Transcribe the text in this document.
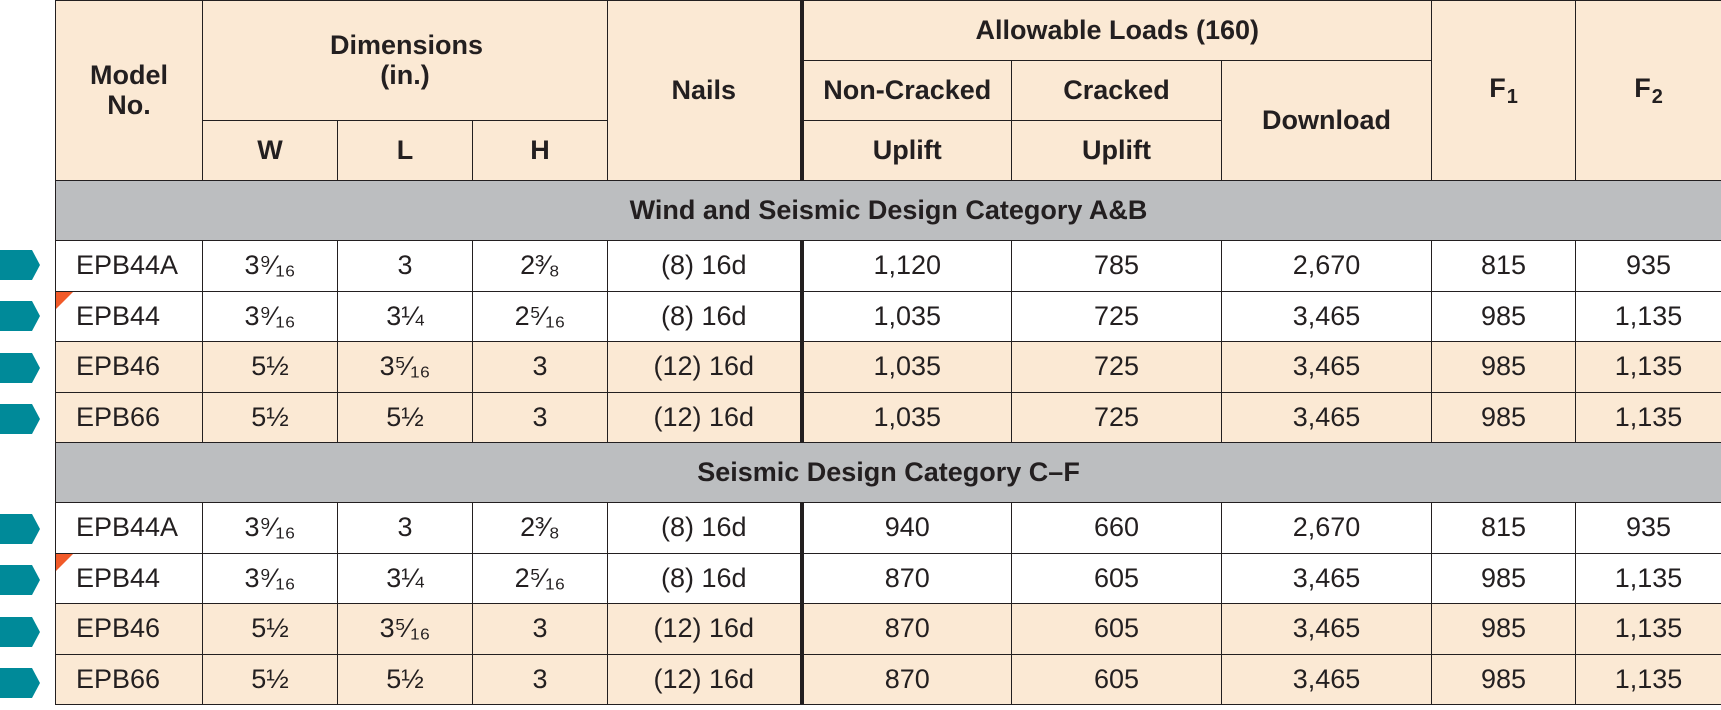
Model No.	Dimensions (in.)			Nails	Allowable Loads (160)			$F_1$	$F_2$
					Non-Cracked	Cracked	Download		
	W	L	H		Uplift	Uplift			
Wind and Seismic Design Category A&B									
EPB44A	3⁹⁄₁₆	3	2³⁄₈	(8) 16d	1,120	785	2,670	815	935

EPB44	3⁹⁄₁₆	3¼	2⁵⁄₁₆	(8) 16d	1,035	725	3,465	985	1,135
EPB46	5½	3⁵⁄₁₆	3	(12) 16d	1,035	725	3,465	985	1,135
EPB66	5½	5½	3	(12) 16d	1,035	725	3,465	985	1,135
Seismic Design Category C–F									
EPB44A	3⁹⁄₁₆	3	2³⁄₈	(8) 16d	940	660	2,670	815	935

EPB44	3⁹⁄₁₆	3¼	2⁵⁄₁₆	(8) 16d	870	605	3,465	985	1,135
EPB46	5½	3⁵⁄₁₆	3	(12) 16d	870	605	3,465	985	1,135
EPB66	5½	5½	3	(12) 16d	870	605	3,465	985	1,135
